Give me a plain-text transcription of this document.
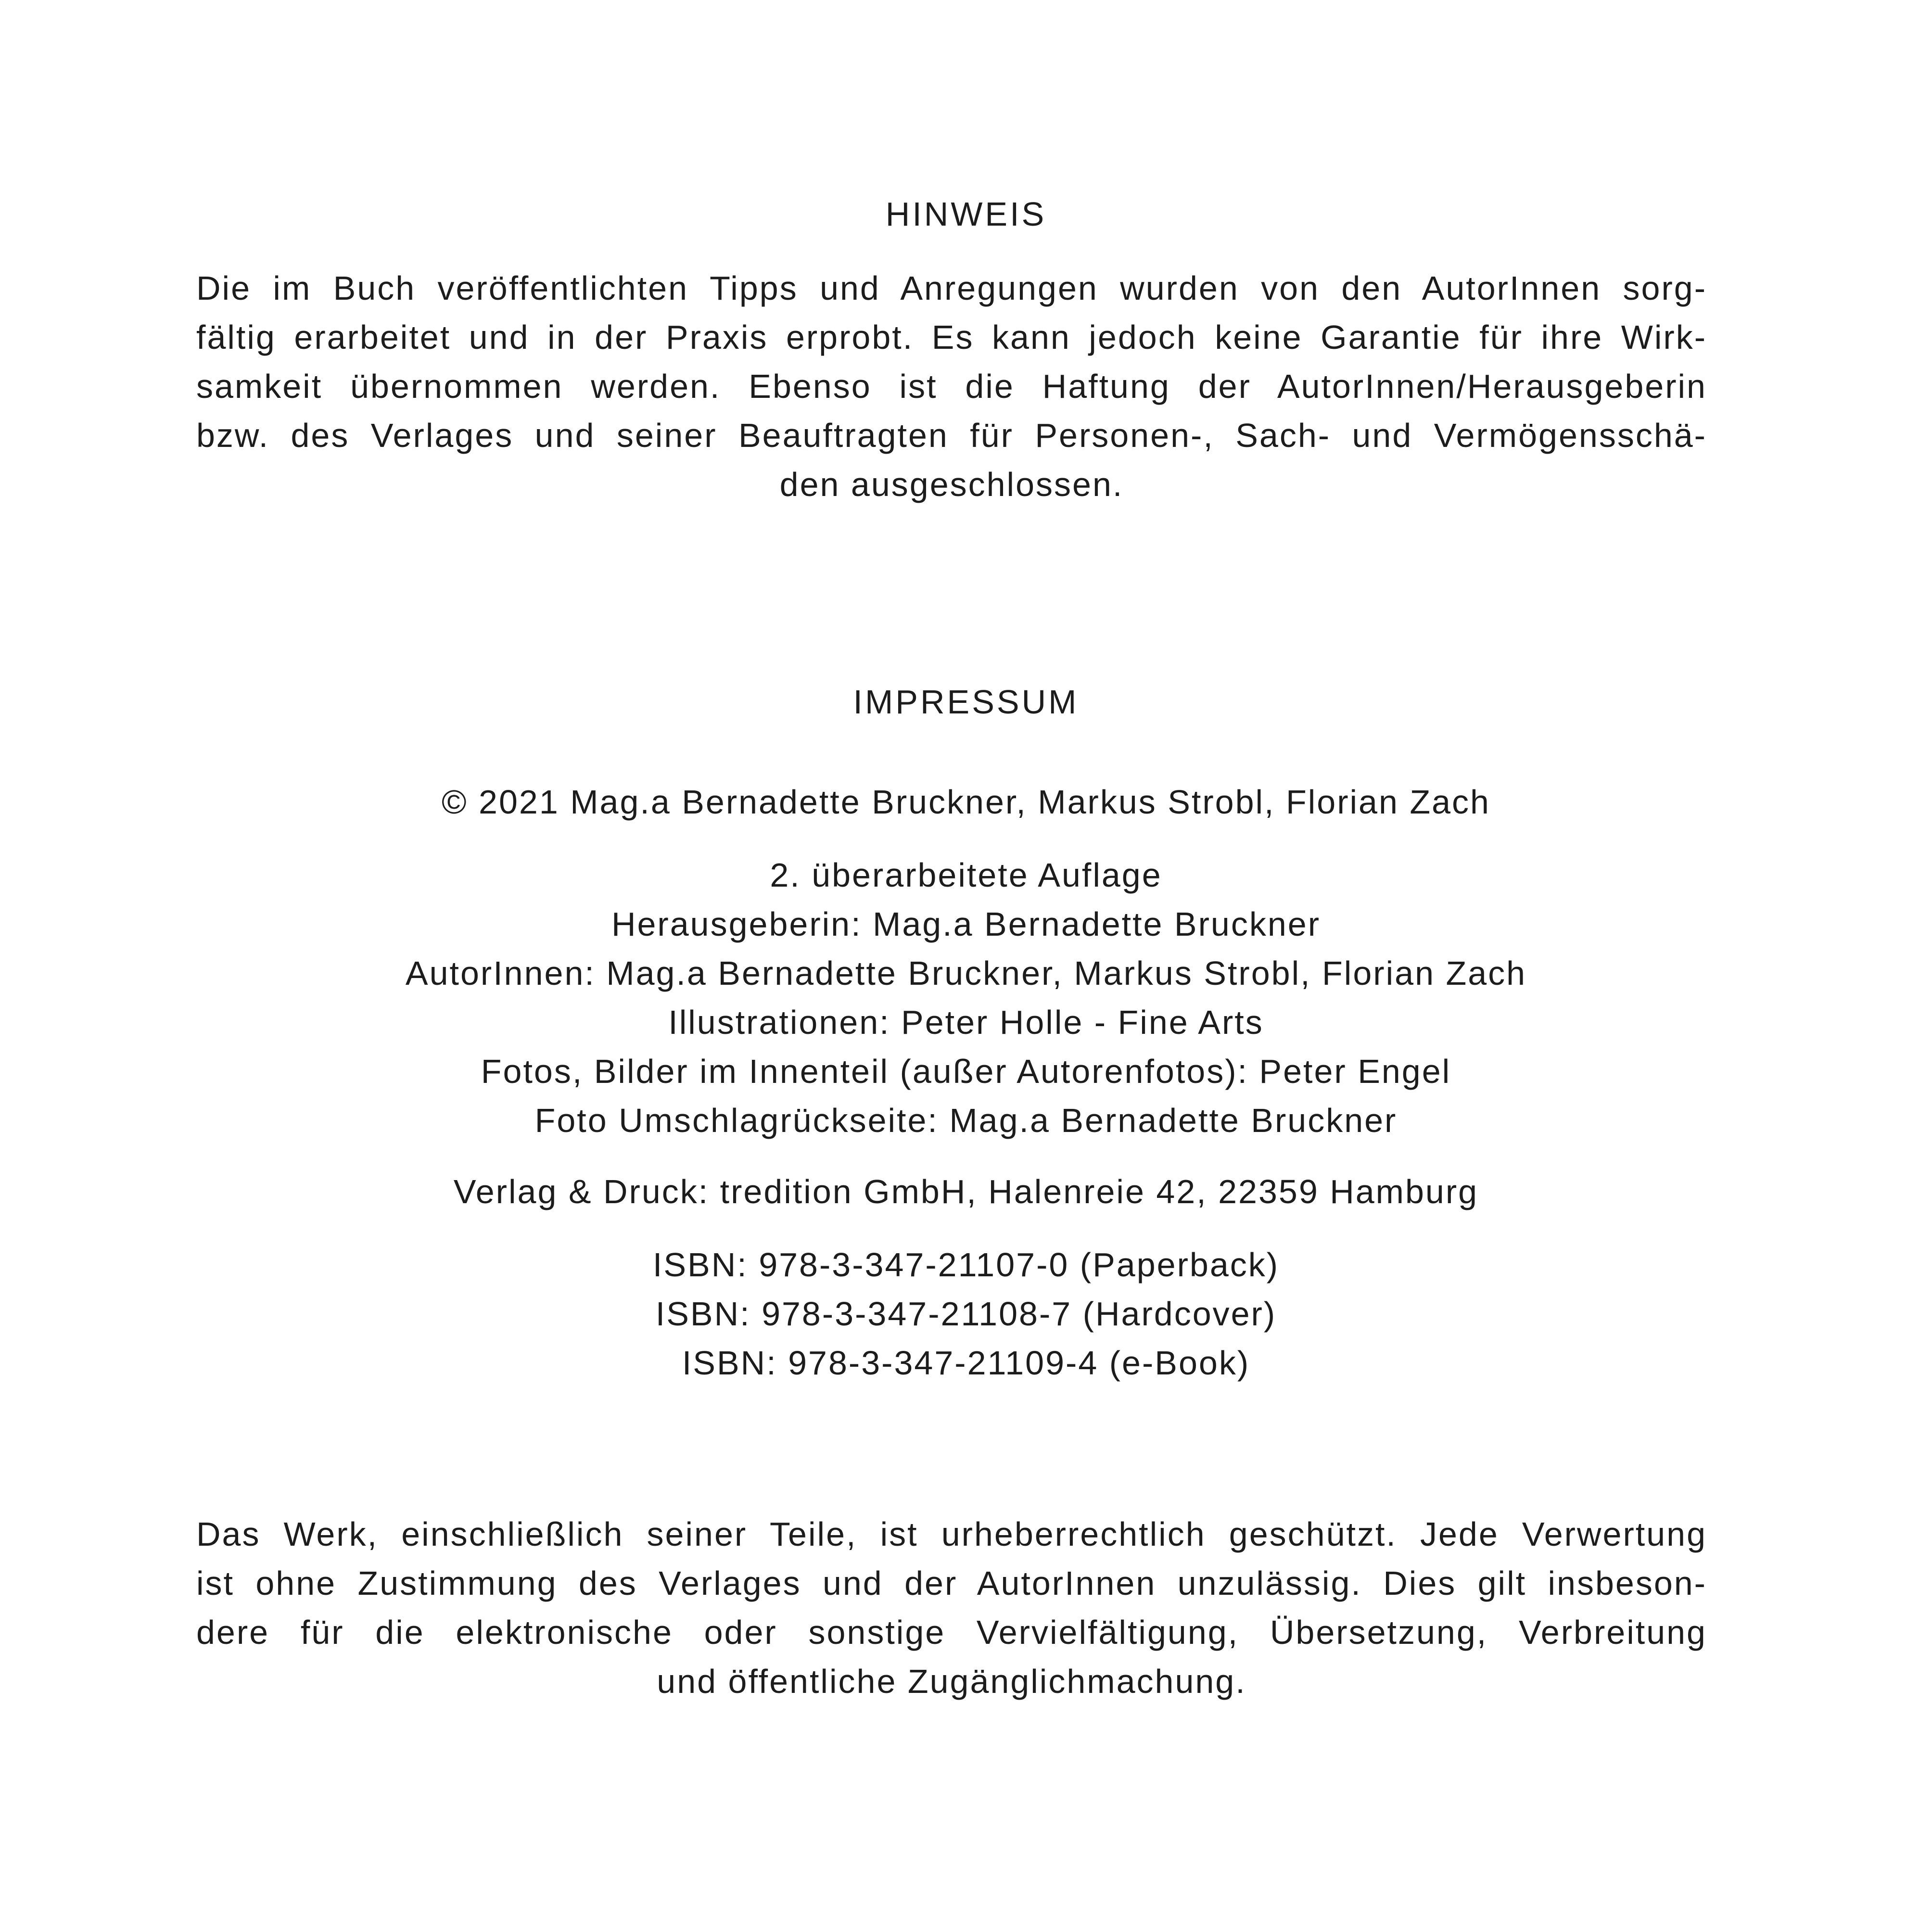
HINWEIS
Die im Buch veröffentlichten Tipps und Anregungen wurden von den AutorInnen sorg-
fältig erarbeitet und in der Praxis erprobt. Es kann jedoch keine Garantie für ihre Wirk-
samkeit übernommen werden. Ebenso ist die Haftung der AutorInnen/Herausgeberin
bzw. des Verlages und seiner Beauftragten für Personen-, Sach- und Vermögensschä-
den ausgeschlossen.
IMPRESSUM
© 2021 Mag.a Bernadette Bruckner, Markus Strobl, Florian Zach
2. überarbeitete Auflage
Herausgeberin: Mag.a Bernadette Bruckner
AutorInnen: Mag.a Bernadette Bruckner, Markus Strobl, Florian Zach
Illustrationen: Peter Holle - Fine Arts
Fotos, Bilder im Innenteil (außer Autorenfotos): Peter Engel
Foto Umschlagrückseite: Mag.a Bernadette Bruckner
Verlag & Druck: tredition GmbH, Halenreie 42, 22359 Hamburg
ISBN: 978-3-347-21107-0 (Paperback)
ISBN: 978-3-347-21108-7 (Hardcover)
ISBN: 978-3-347-21109-4 (e-Book)
Das Werk, einschließlich seiner Teile, ist urheberrechtlich geschützt. Jede Verwertung
ist ohne Zustimmung des Verlages und der AutorInnen unzulässig. Dies gilt insbeson-
dere für die elektronische oder sonstige Vervielfältigung, Übersetzung, Verbreitung
und öffentliche Zugänglichmachung.
